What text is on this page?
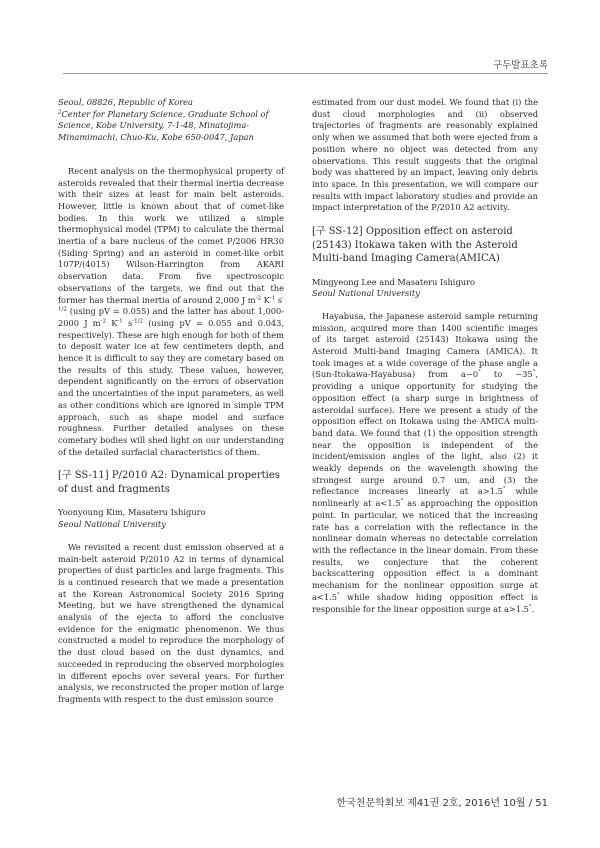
구두발표초록

Seoul, 08826, Republic of Korea
$^2$Center for Planetary Science, Graduate School of Science, Kobe University, 7-1-48, Minatojima-Minamimachi, Chuo-Ku, Kobe 650-0047, Japan

Recent analysis on the thermophysical property of asteroids revealed that their thermal inertia decrease with their sizes at least for main belt asteroids. However, little is known about that of comet-like bodies. In this work we utilized a simple thermophysical model (TPM) to calculate the thermal inertia of a bare nucleus of the comet P/2006 HR30 (Siding Spring) and an asteroid in comet-like orbit 107P/(4015) Wilson-Harrington from AKARI observation data. From five spectroscopic observations of the targets, we find out that the former has thermal inertia of around 2,000 J $m^{-2}$ $K^{-1}$ $s^{-1/2}$ (using pV = 0.055) and the latter has about 1,000-2000 J $m^{-2}$ $K^{-1}$ $s^{-1/2}$ (using pV = 0.055 and 0.043, respectively). These are high enough for both of them to deposit water ice at few centimeters depth, and hence it is difficult to say they are cometary based on the results of this study. These values, however, dependent significantly on the errors of observation and the uncertainties of the input parameters, as well as other conditions which are ignored in simple TPM approach, such as shape model and surface roughness. Further detailed analyses on these cometary bodies will shed light on our understanding of the detailed surfacial characteristics of them.

[구 SS-11] P/2010 A2: Dynamical properties of dust and fragments

Yoonyoung Kim, Masateru Ishiguro

Seoul National University

We revisited a recent dust emission observed at a main-belt asteroid P/2010 A2 in terms of dynamical properties of dust particles and large fragments. This is a continued research that we made a presentation at the Korean Astronomical Society 2016 Spring Meeting, but we have strengthened the dynamical analysis of the ejecta to afford the conclusive evidence for the enigmatic phenomenon. We thus constructed a model to reproduce the morphology of the dust cloud based on the dust dynamics, and succeeded in reproducing the observed morphologies in different epochs over several years. For further analysis, we reconstructed the proper motion of large fragments with respect to the dust emission source

estimated from our dust model. We found that (i) the dust cloud morphologies and (ii) observed trajectories of fragments are reasonably explained only when we assumed that both were ejected from a position where no object was detected from any observations. This result suggests that the original body was shattered by an impact, leaving only debris into space. In this presentation, we will compare our results with impact laboratory studies and provide an impact interpretation of the P/2010 A2 activity.

[구 SS-12] Opposition effect on asteroid (25143) Itokawa taken with the Asteroid Multi-band Imaging Camera(AMICA)

Mingyeong Lee and Masateru Ishiguro

Seoul National University

Hayabusa, the Japanese asteroid sample returning mission, acquired more than 1400 scientific images of its target asteroid (25143) Itokawa using the Asteroid Multi-band Imaging Camera (AMICA). It took images at a wide coverage of the phase angle a (Sun-Itokawa-Hayabusa) from a~0° to ~35°, providing a unique opportunity for studying the opposition effect (a sharp surge in brightness of asteroidal surface). Here we present a study of the opposition effect on Itokawa using the AMICA multi-band data. We found that (1) the opposition strength near the opposition is independent of the incident/emission angles of the light, also (2) it weakly depends on the wavelength showing the strongest surge around 0.7 um, and (3) the reflectance increases linearly at a>1.5° while nonlinearly at a<1.5° as approaching the opposition point. In particular, we noticed that the increasing rate has a correlation with the reflectance in the nonlinear domain whereas no detectable correlation with the reflectance in the linear domain. From these results, we conjecture that the coherent backscattering opposition effect is a dominant mechanism for the nonlinear opposition surge at a<1.5° while shadow hiding opposition effect is responsible for the linear opposition surge at a>1.5°.

한국천문학회보 제41권 2호, 2016년 10월 / 51
